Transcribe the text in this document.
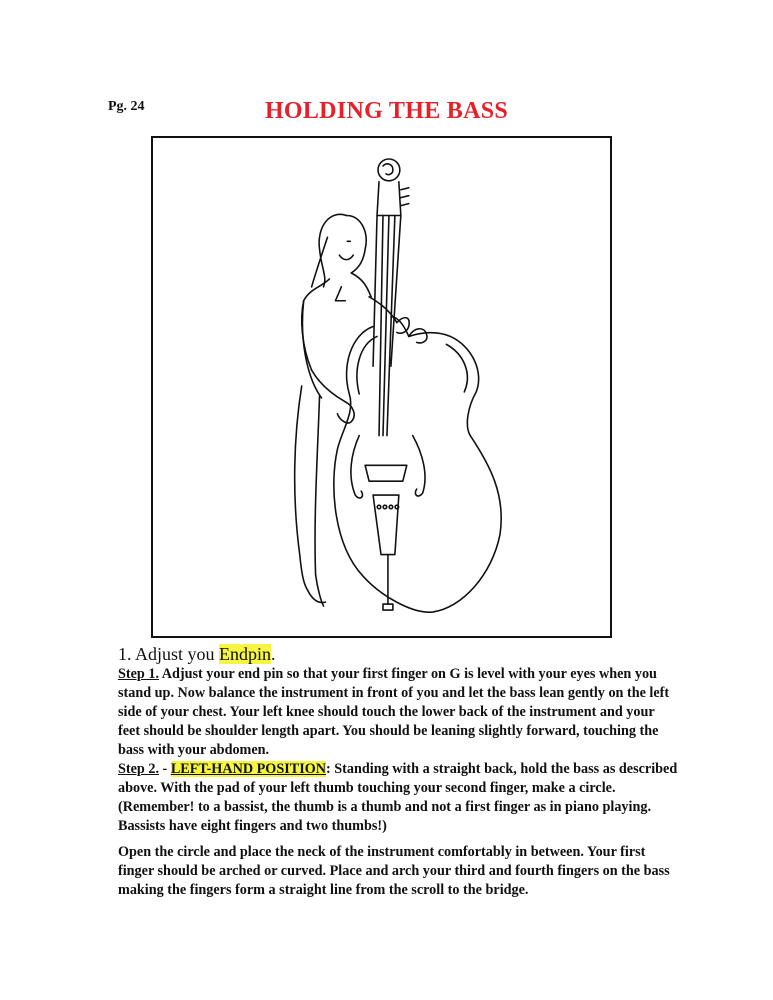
Pg. 24	HOLDING THE BASS
1. Adjust you Endpin.

Step 1. Adjust your end pin so that your first finger on G is level with your eyes when you stand up. Now balance the instrument in front of you and let the bass lean gently on the left side of your chest. Your left knee should touch the lower back of the instrument and your feet should be shoulder length apart. You should be leaning slightly forward, touching the bass with your abdomen.

Step 2. - LEFT-HAND POSITION: Standing with a straight back, hold the bass as described above. With the pad of your left thumb touching your second finger, make a circle. (Remember! to a bassist, the thumb is a thumb and not a first finger as in piano playing. Bassists have eight fingers and two thumbs!)

Open the circle and place the neck of the instrument comfortably in between. Your first finger should be arched or curved. Place and arch your third and fourth fingers on the bass making the fingers form a straight line from the scroll to the bridge.
